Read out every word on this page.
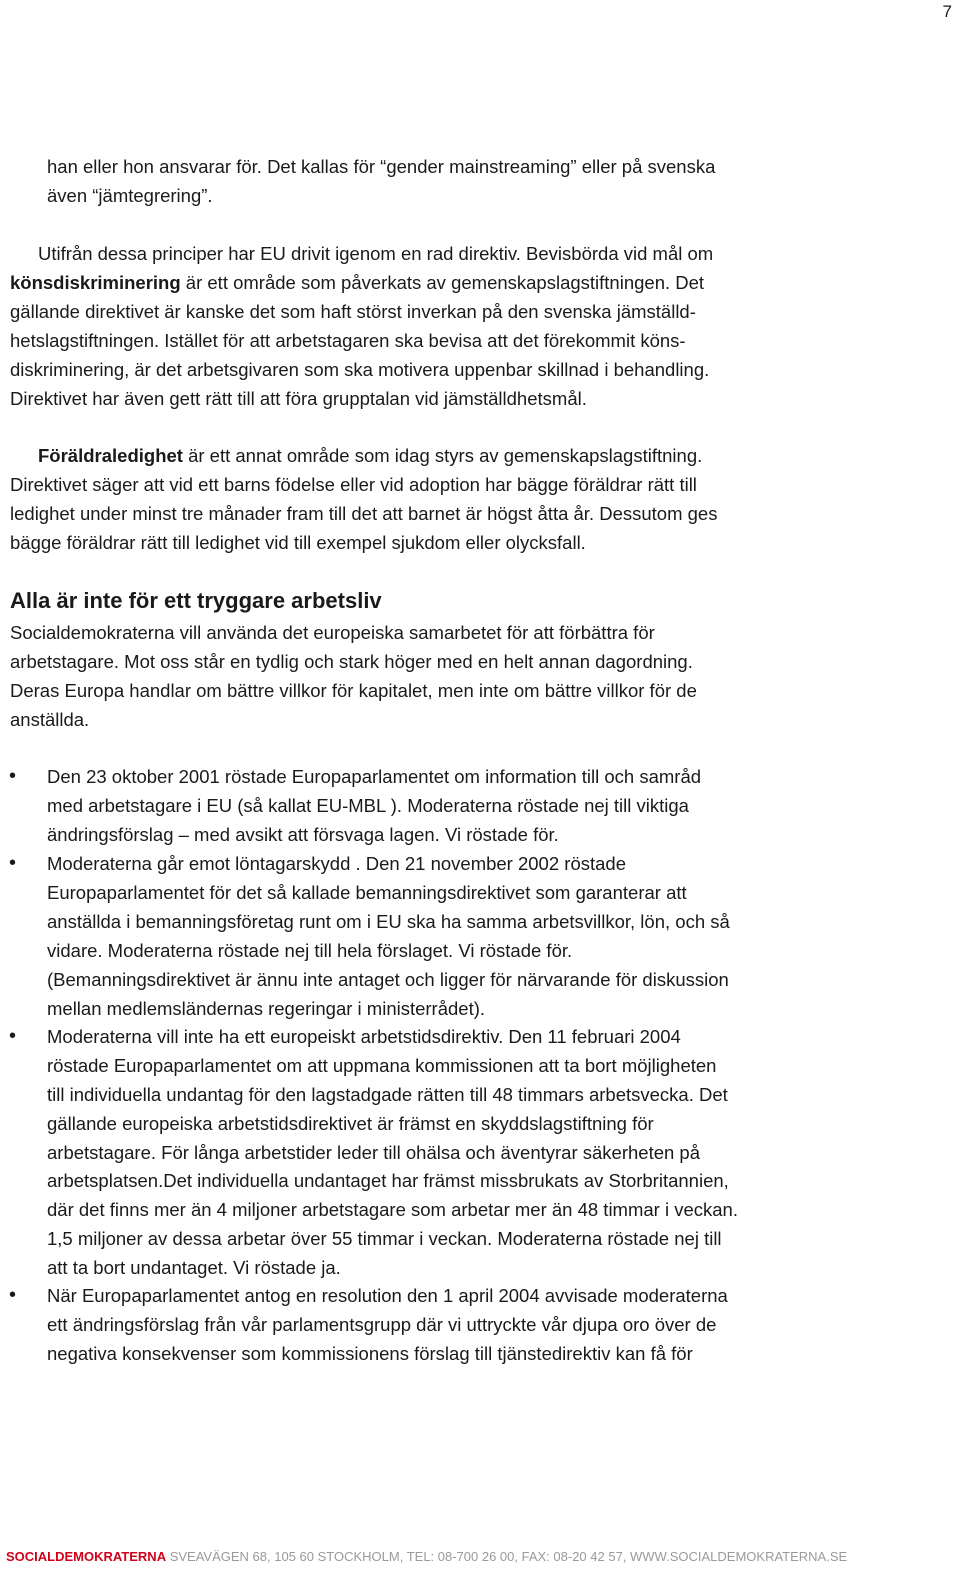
7
han eller hon ansvarar för. Det kallas för “gender mainstreaming” eller på svenska
även “jämtegrering”.
Utifrån dessa principer har EU drivit igenom en rad direktiv. Bevisbörda vid mål om
könsdiskriminering är ett område som påverkats av gemenskapslagstiftningen. Det
gällande direktivet är kanske det som haft störst inverkan på den svenska jämställd-
hetslagstiftningen. Istället för att arbetstagaren ska bevisa att det förekommit köns-
diskriminering, är det arbetsgivaren som ska motivera uppenbar skillnad i behandling.
Direktivet har även gett rätt till att föra grupptalan vid jämställdhetsmål.
Föräldraledighet är ett annat område som idag styrs av gemenskapslagstiftning.
Direktivet säger att vid ett barns födelse eller vid adoption har bägge föräldrar rätt till
ledighet under minst tre månader fram till det att barnet är högst åtta år. Dessutom ges
bägge föräldrar rätt till ledighet vid till exempel sjukdom eller olycksfall.
Alla är inte för ett tryggare arbetsliv
Socialdemokraterna vill använda det europeiska samarbetet för att förbättra för
arbetstagare. Mot oss står en tydlig och stark höger med en helt annan dagordning.
Deras Europa handlar om bättre villkor för kapitalet, men inte om bättre villkor för de
anställda.
• Den 23 oktober 2001 röstade Europaparlamentet om information till och samråd
med arbetstagare i EU (så kallat EU-MBL ). Moderaterna röstade nej till viktiga
ändringsförslag – med avsikt att försvaga lagen. Vi röstade för.
• Moderaterna går emot löntagarskydd . Den 21 november 2002 röstade
Europaparlamentet för det så kallade bemanningsdirektivet som garanterar att
anställda i bemanningsföretag runt om i EU ska ha samma arbetsvillkor, lön, och så
vidare. Moderaterna röstade nej till hela förslaget. Vi röstade för.
(Bemanningsdirektivet är ännu inte antaget och ligger för närvarande för diskussion
mellan medlemsländernas regeringar i ministerrådet).
• Moderaterna vill inte ha ett europeiskt arbetstidsdirektiv. Den 11 februari 2004
röstade Europaparlamentet om att uppmana kommissionen att ta bort möjligheten
till individuella undantag för den lagstadgade rätten till 48 timmars arbetsvecka. Det
gällande europeiska arbetstidsdirektivet är främst en skyddslagstiftning för
arbetstagare. För långa arbetstider leder till ohälsa och äventyrar säkerheten på
arbetsplatsen.Det individuella undantaget har främst missbrukats av Storbritannien,
där det finns mer än 4 miljoner arbetstagare som arbetar mer än 48 timmar i veckan.
1,5 miljoner av dessa arbetar över 55 timmar i veckan. Moderaterna röstade nej till
att ta bort undantaget. Vi röstade ja.
• När Europaparlamentet antog en resolution den 1 april 2004 avvisade moderaterna
ett ändringsförslag från vår parlamentsgrupp där vi uttryckte vår djupa oro över de
negativa konsekvenser som kommissionens förslag till tjänstedirektiv kan få för
SOCIALDEMOKRATERNA SVEAVÄGEN 68, 105 60 STOCKHOLM, TEL: 08-700 26 00, FAX: 08-20 42 57, WWW.SOCIALDEMOKRATERNA.SE
